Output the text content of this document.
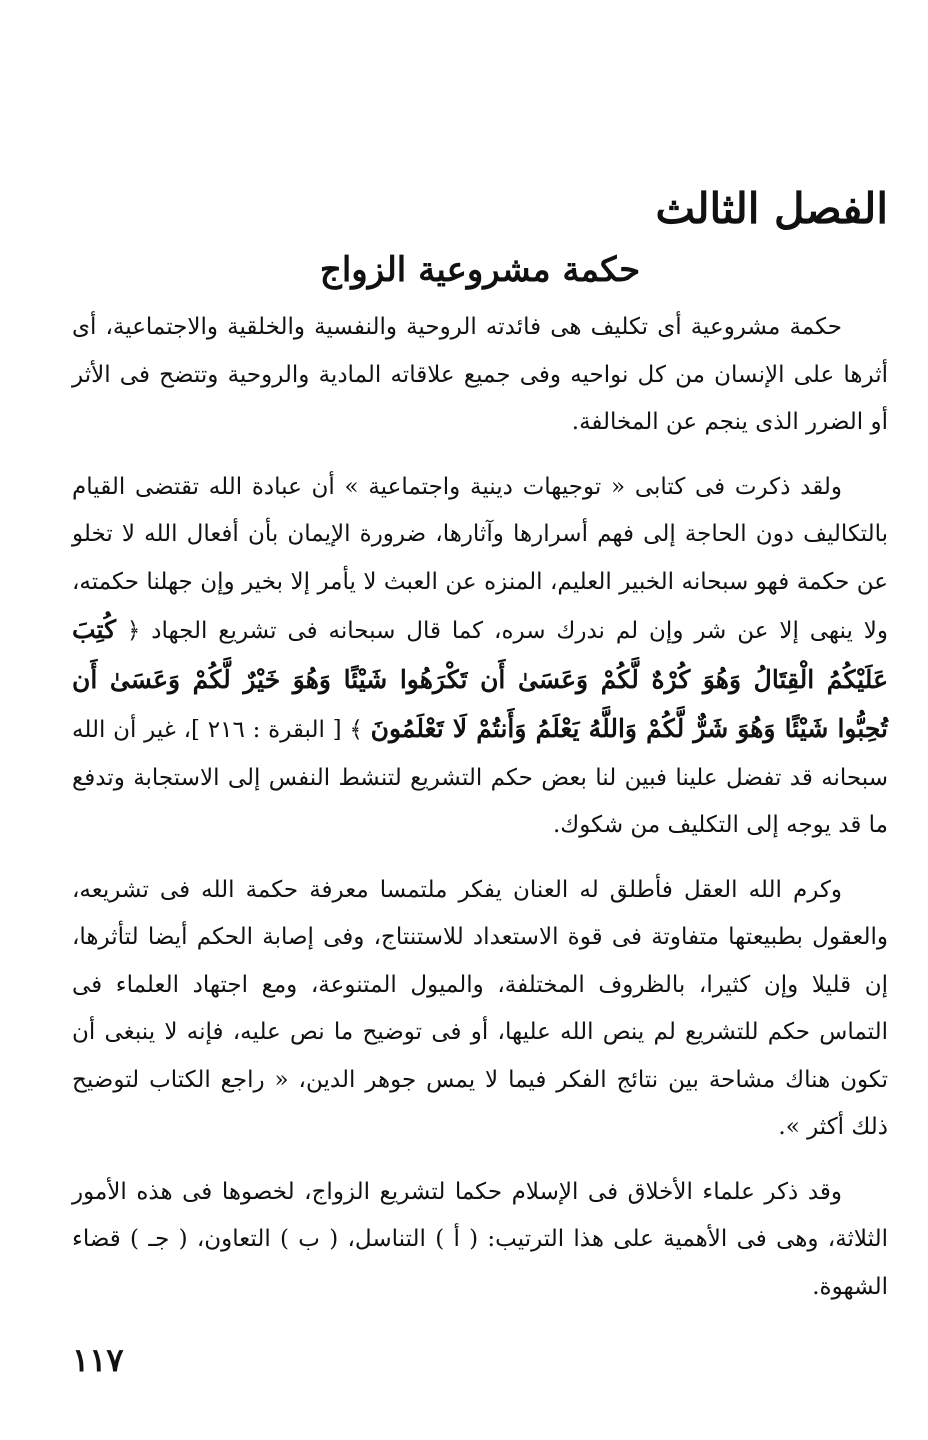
الفصل الثالث
حكمة مشروعية الزواج

حكمة مشروعية أى تكليف هى فائدته الروحية والنفسية والخلقية والاجتماعية، أى أثرها على الإنسان من كل نواحيه وفى جميع علاقاته المادية والروحية وتتضح فى الأثر أو الضرر الذى ينجم عن المخالفة.

ولقد ذكرت فى كتابى « توجيهات دينية واجتماعية » أن عبادة الله تقتضى القيام بالتكاليف دون الحاجة إلى فهم أسرارها وآثارها، ضرورة الإيمان بأن أفعال الله لا تخلو عن حكمة فهو سبحانه الخبير العليم، المنزه عن العبث لا يأمر إلا بخير وإن جهلنا حكمته، ولا ينهى إلا عن شر وإن لم ندرك سره، كما قال سبحانه فى تشريع الجهاد ﴿ كُتِبَ عَلَيْكُمُ الْقِتَالُ وَهُوَ كُرْهٌ لَّكُمْ وَعَسَىٰ أَن تَكْرَهُوا شَيْئًا وَهُوَ خَيْرٌ لَّكُمْ وَعَسَىٰ أَن تُحِبُّوا شَيْئًا وَهُوَ شَرٌّ لَّكُمْ وَاللَّهُ يَعْلَمُ وَأَنتُمْ لَا تَعْلَمُونَ ﴾ [ البقرة : ٢١٦ ]، غير أن الله سبحانه قد تفضل علينا فبين لنا بعض حكم التشريع لتنشط النفس إلى الاستجابة وتدفع ما قد يوجه إلى التكليف من شكوك.

وكرم الله العقل فأطلق له العنان يفكر ملتمسا معرفة حكمة الله فى تشريعه، والعقول بطبيعتها متفاوتة فى قوة الاستعداد للاستنتاج، وفى إصابة الحكم أيضا لتأثرها، إن قليلا وإن كثيرا، بالظروف المختلفة، والميول المتنوعة، ومع اجتهاد العلماء فى التماس حكم للتشريع لم ينص الله عليها، أو فى توضيح ما نص عليه، فإنه لا ينبغى أن تكون هناك مشاحة بين نتائج الفكر فيما لا يمس جوهر الدين، « راجع الكتاب لتوضيح ذلك أكثر ».

وقد ذكر علماء الأخلاق فى الإسلام حكما لتشريع الزواج، لخصوها فى هذه الأمور الثلاثة، وهى فى الأهمية على هذا الترتيب: ( أ ) التناسل، ( ب ) التعاون، ( جـ ) قضاء الشهوة.

١١٧
